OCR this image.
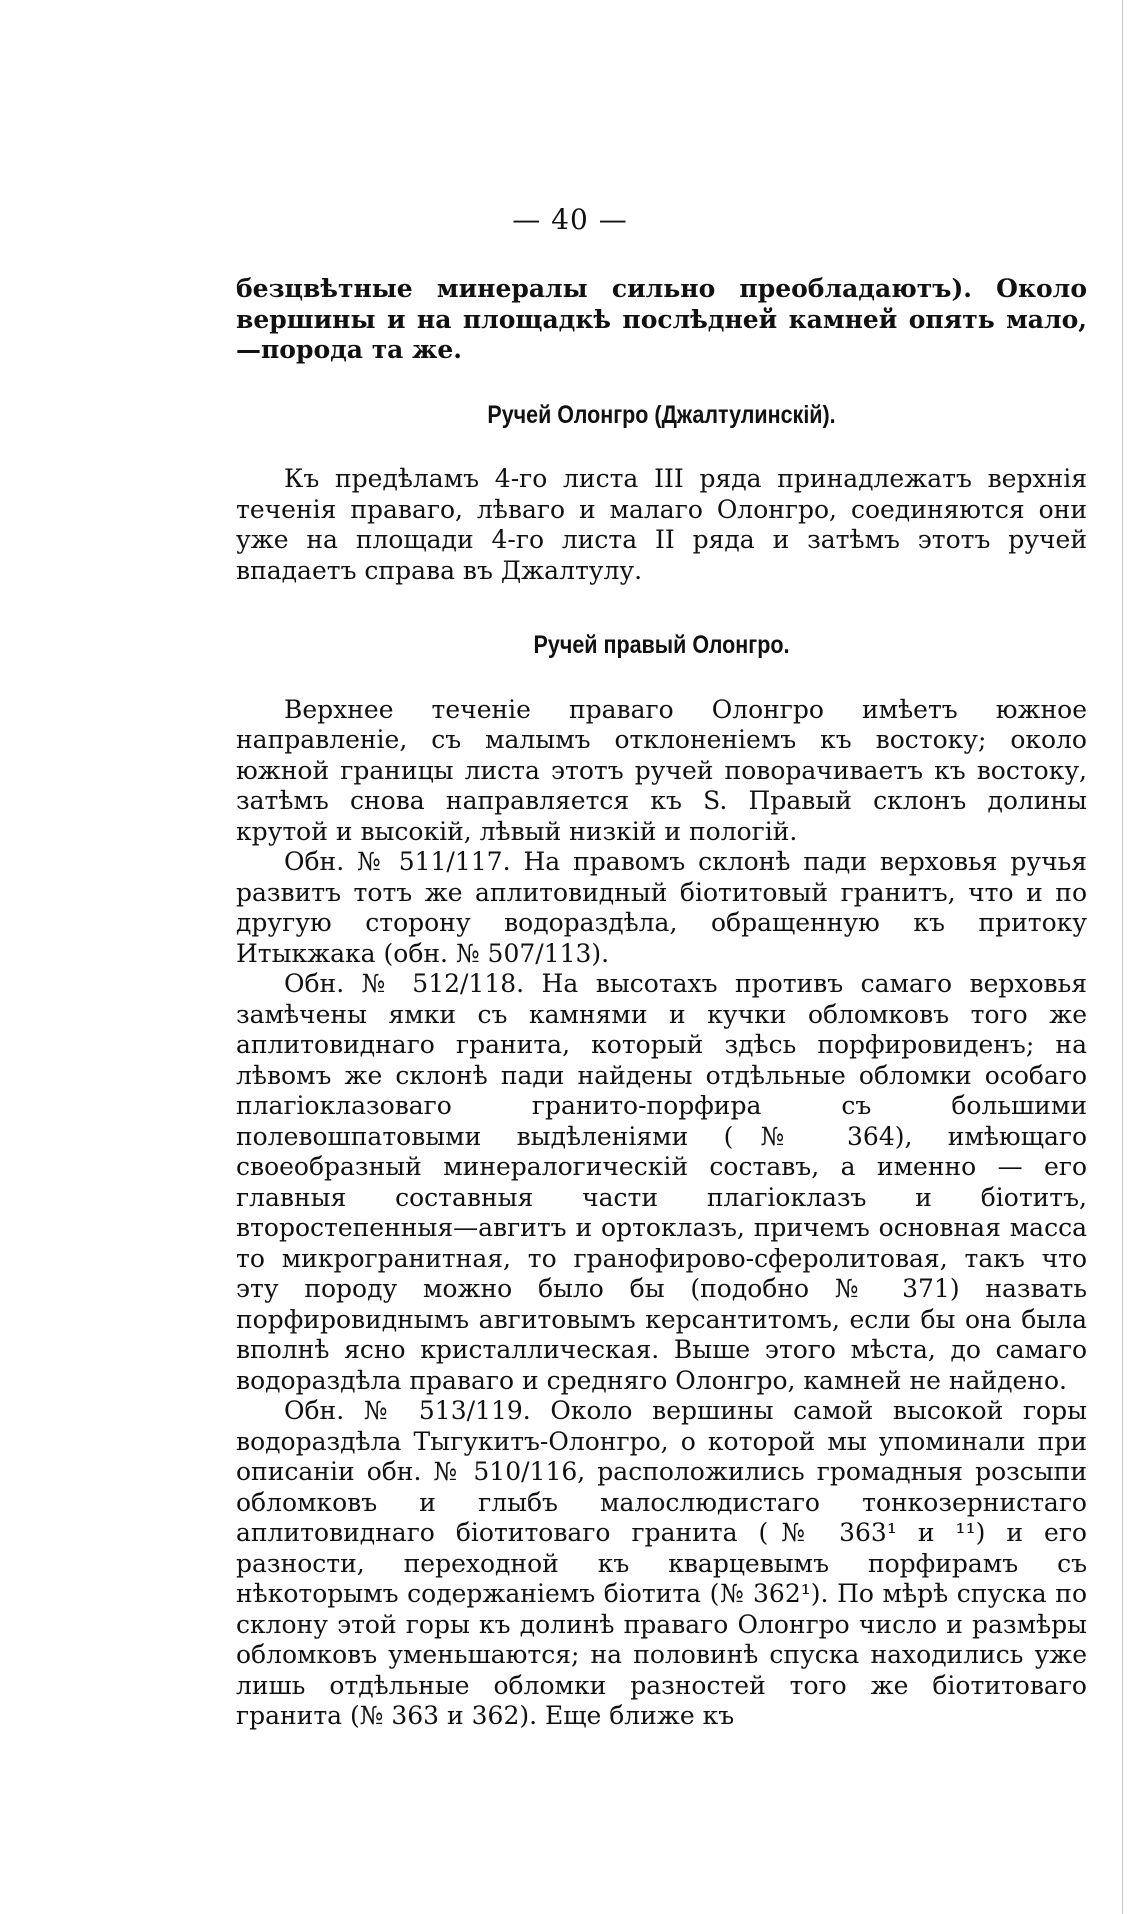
— 40 —

безцвѣтные минералы сильно преобладаютъ). Около вершины и на площадкѣ послѣдней камней опять мало,—порода та же.

Ручей Олонгро (Джалтулинскій).

Къ предѣламъ 4-го листа III ряда принадлежатъ верхнія теченія праваго, лѣваго и малаго Олонгро, соединяются они уже на площади 4-го листа II ряда и затѣмъ этотъ ручей впадаетъ справа въ Джалтулу.

Ручей правый Олонгро.

Верхнее теченіе праваго Олонгро имѣетъ южное направленіе, съ малымъ отклоненіемъ къ востоку; около южной границы листа этотъ ручей поворачиваетъ къ востоку, затѣмъ снова направляется къ S. Правый склонъ долины крутой и высокій, лѣвый низкій и пологій.

Обн. № 511/117. На правомъ склонѣ пади верховья ручья развитъ тотъ же аплитовидный біотитовый гранитъ, что и по другую сторону водораздѣла, обращенную къ притоку Итыкжака (обн. № 507/113).

Обн. № 512/118. На высотахъ противъ самаго верховья замѣчены ямки съ камнями и кучки обломковъ того же аплитовиднаго гранита, который здѣсь порфировиденъ; на лѣвомъ же склонѣ пади найдены отдѣльные обломки особаго плагіоклазоваго гранито-порфира съ большими полевошпатовыми выдѣленіями (№ 364), имѣющаго своеобразный минералогическій составъ, а именно — его главныя составныя части плагіоклазъ и біотитъ, второстепенныя—авгитъ и ортоклазъ, причемъ основная масса то микрогранитная, то гранофирово-сферолитовая, такъ что эту породу можно было бы (подобно № 371) назвать порфировиднымъ авгитовымъ керсантитомъ, если бы она была вполнѣ ясно кристаллическая. Выше этого мѣста, до самаго водораздѣла праваго и средняго Олонгро, камней не найдено.

Обн. № 513/119. Около вершины самой высокой горы водораздѣла Тыгукитъ-Олонгро, о которой мы упоминали при описаніи обн. № 510/116, расположились громадныя розсыпи обломковъ и глыбъ малослюдистаго тонкозернистаго аплитовиднаго біотитоваго гранита (№ 363¹ и ¹¹) и его разности, переходной къ кварцевымъ порфирамъ съ нѣкоторымъ содержаніемъ біотита (№ 362¹). По мѣрѣ спуска по склону этой горы къ долинѣ праваго Олонгро число и размѣры обломковъ уменьшаются; на половинѣ спуска находились уже лишь отдѣльные обломки разностей того же біотитоваго гранита (№ 363 и 362). Еще ближе къ
